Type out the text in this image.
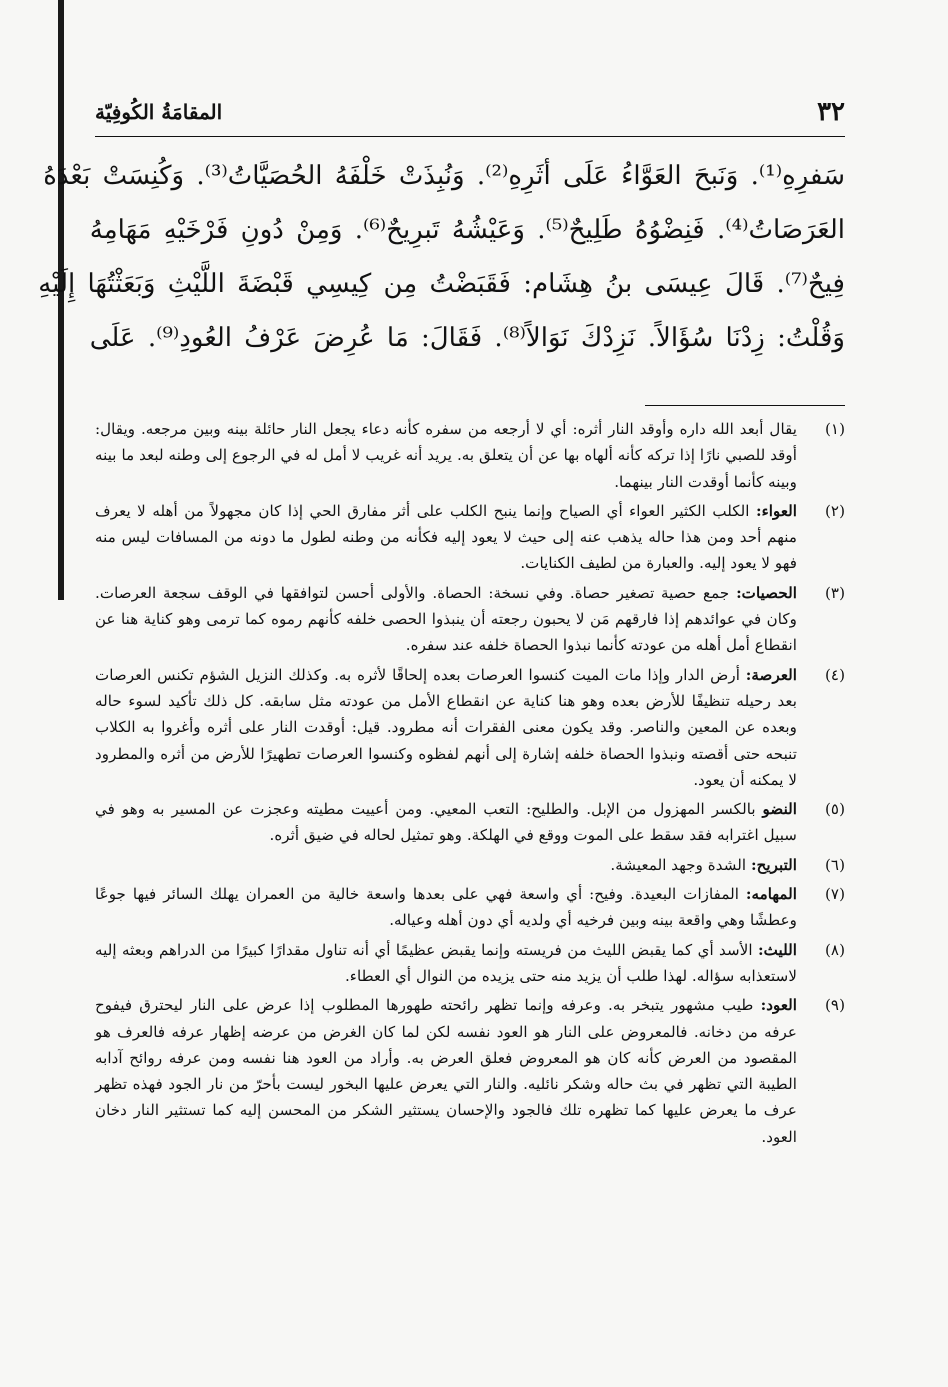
٣٢
المقامَةُ الكُوفِيّة
سَفرِهِ⁽¹⁾. وَنَبحَ العَوَّاءُ عَلَى أثَرِهِ⁽²⁾. وَنُبِذَتْ خَلْفَهُ الحُصَيَّاتُ⁽³⁾. وَكُنِسَتْ بَعْدَهُ
العَرَصَاتُ⁽⁴⁾. فَنِضْوُهُ طَلِيحٌ⁽⁵⁾. وَعَيْشُهُ تَبرِيحٌ⁽⁶⁾. وَمِنْ دُونِ فَرْخَيْهِ مَهَامِهُ
فِيحٌ⁽⁷⁾. قَالَ عِيسَى بنُ هِشَام: فَقَبَضْتُ مِن كِيسِي قَبْضَةَ اللَّيْثِ وَبَعَثْتُهَا إِلَيْهِ
وَقُلْتُ: زِدْنَا سُؤَالاً. نَزِدْكَ نَوَالاً⁽⁸⁾. فَقَالَ: مَا عُرِضَ عَرْفُ العُودِ⁽⁹⁾. عَلَى
(١)
يقال أبعد الله داره وأوقد النار أثره: أي لا أرجعه من سفره كأنه دعاء يجعل النار حائلة بينه وبين مرجعه. ويقال: أوقد للصبي نارًا إذا تركه كأنه ألهاه بها عن أن يتعلق به. يريد أنه غريب لا أمل له في الرجوع إلى وطنه لبعد ما بينه وبينه كأنما أوقدت النار بينهما.
(٢)
العواء: الكلب الكثير العواء أي الصياح وإنما ينبح الكلب على أثر مفارق الحي إذا كان مجهولاً من أهله لا يعرف منهم أحد ومن هذا حاله يذهب عنه إلى حيث لا يعود إليه فكأنه من وطنه لطول ما دونه من المسافات ليس منه فهو لا يعود إليه. والعبارة من لطيف الكنايات.
(٣)
الحصيات: جمع حصية تصغير حصاة. وفي نسخة: الحصاة. والأولى أحسن لتوافقها في الوقف سجعة العرصات. وكان في عوائدهم إذا فارقهم مَن لا يحبون رجعته أن ينبذوا الحصى خلفه كأنهم رموه كما ترمى وهو كناية هنا عن انقطاع أمل أهله من عودته كأنما نبذوا الحصاة خلفه عند سفره.
(٤)
العرصة: أرض الدار وإذا مات الميت كنسوا العرصات بعده إلحاقًا لأثره به. وكذلك النزيل الشؤم تكنس العرصات بعد رحيله تنظيفًا للأرض بعده وهو هنا كناية عن انقطاع الأمل من عودته مثل سابقه. كل ذلك تأكيد لسوء حاله وبعده عن المعين والناصر. وقد يكون معنى الفقرات أنه مطرود. قيل: أوقدت النار على أثره وأغروا به الكلاب تنبحه حتى أقصته ونبذوا الحصاة خلفه إشارة إلى أنهم لفظوه وكنسوا العرصات تطهيرًا للأرض من أثره والمطرود لا يمكنه أن يعود.
(٥)
النضو بالكسر المهزول من الإبل. والطليح: التعب المعيي. ومن أعييت مطيته وعجزت عن المسير به وهو في سبيل اغترابه فقد سقط على الموت ووقع في الهلكة. وهو تمثيل لحاله في ضيق أثره.
(٦)
التبريح: الشدة وجهد المعيشة.
(٧)
المهامه: المفازات البعيدة. وفيح: أي واسعة فهي على بعدها واسعة خالية من العمران يهلك السائر فيها جوعًا وعطشًا وهي واقعة بينه وبين فرخيه أي ولديه أي دون أهله وعياله.
(٨)
الليث: الأسد أي كما يقبض الليث من فريسته وإنما يقبض عظيمًا أي أنه تناول مقدارًا كبيرًا من الدراهم وبعثه إليه لاستعذابه سؤاله. لهذا طلب أن يزيد منه حتى يزيده من النوال أي العطاء.
(٩)
العود: طيب مشهور يتبخر به. وعرفه وإنما تظهر رائحته طهورها المطلوب إذا عرض على النار ليحترق فيفوح عرفه من دخانه. فالمعروض على النار هو العود نفسه لكن لما كان الغرض من عرضه إظهار عرفه فالعرف هو المقصود من العرض كأنه كان هو المعروض فعلق العرض به. وأراد من العود هنا نفسه ومن عرفه روائح آدابه الطيبة التي تظهر في بث حاله وشكر نائليه. والنار التي يعرض عليها البخور ليست بأحرّ من نار الجود فهذه تظهر عرف ما يعرض عليها كما تظهره تلك فالجود والإحسان يستثير الشكر من المحسن إليه كما تستثير النار دخان العود.
